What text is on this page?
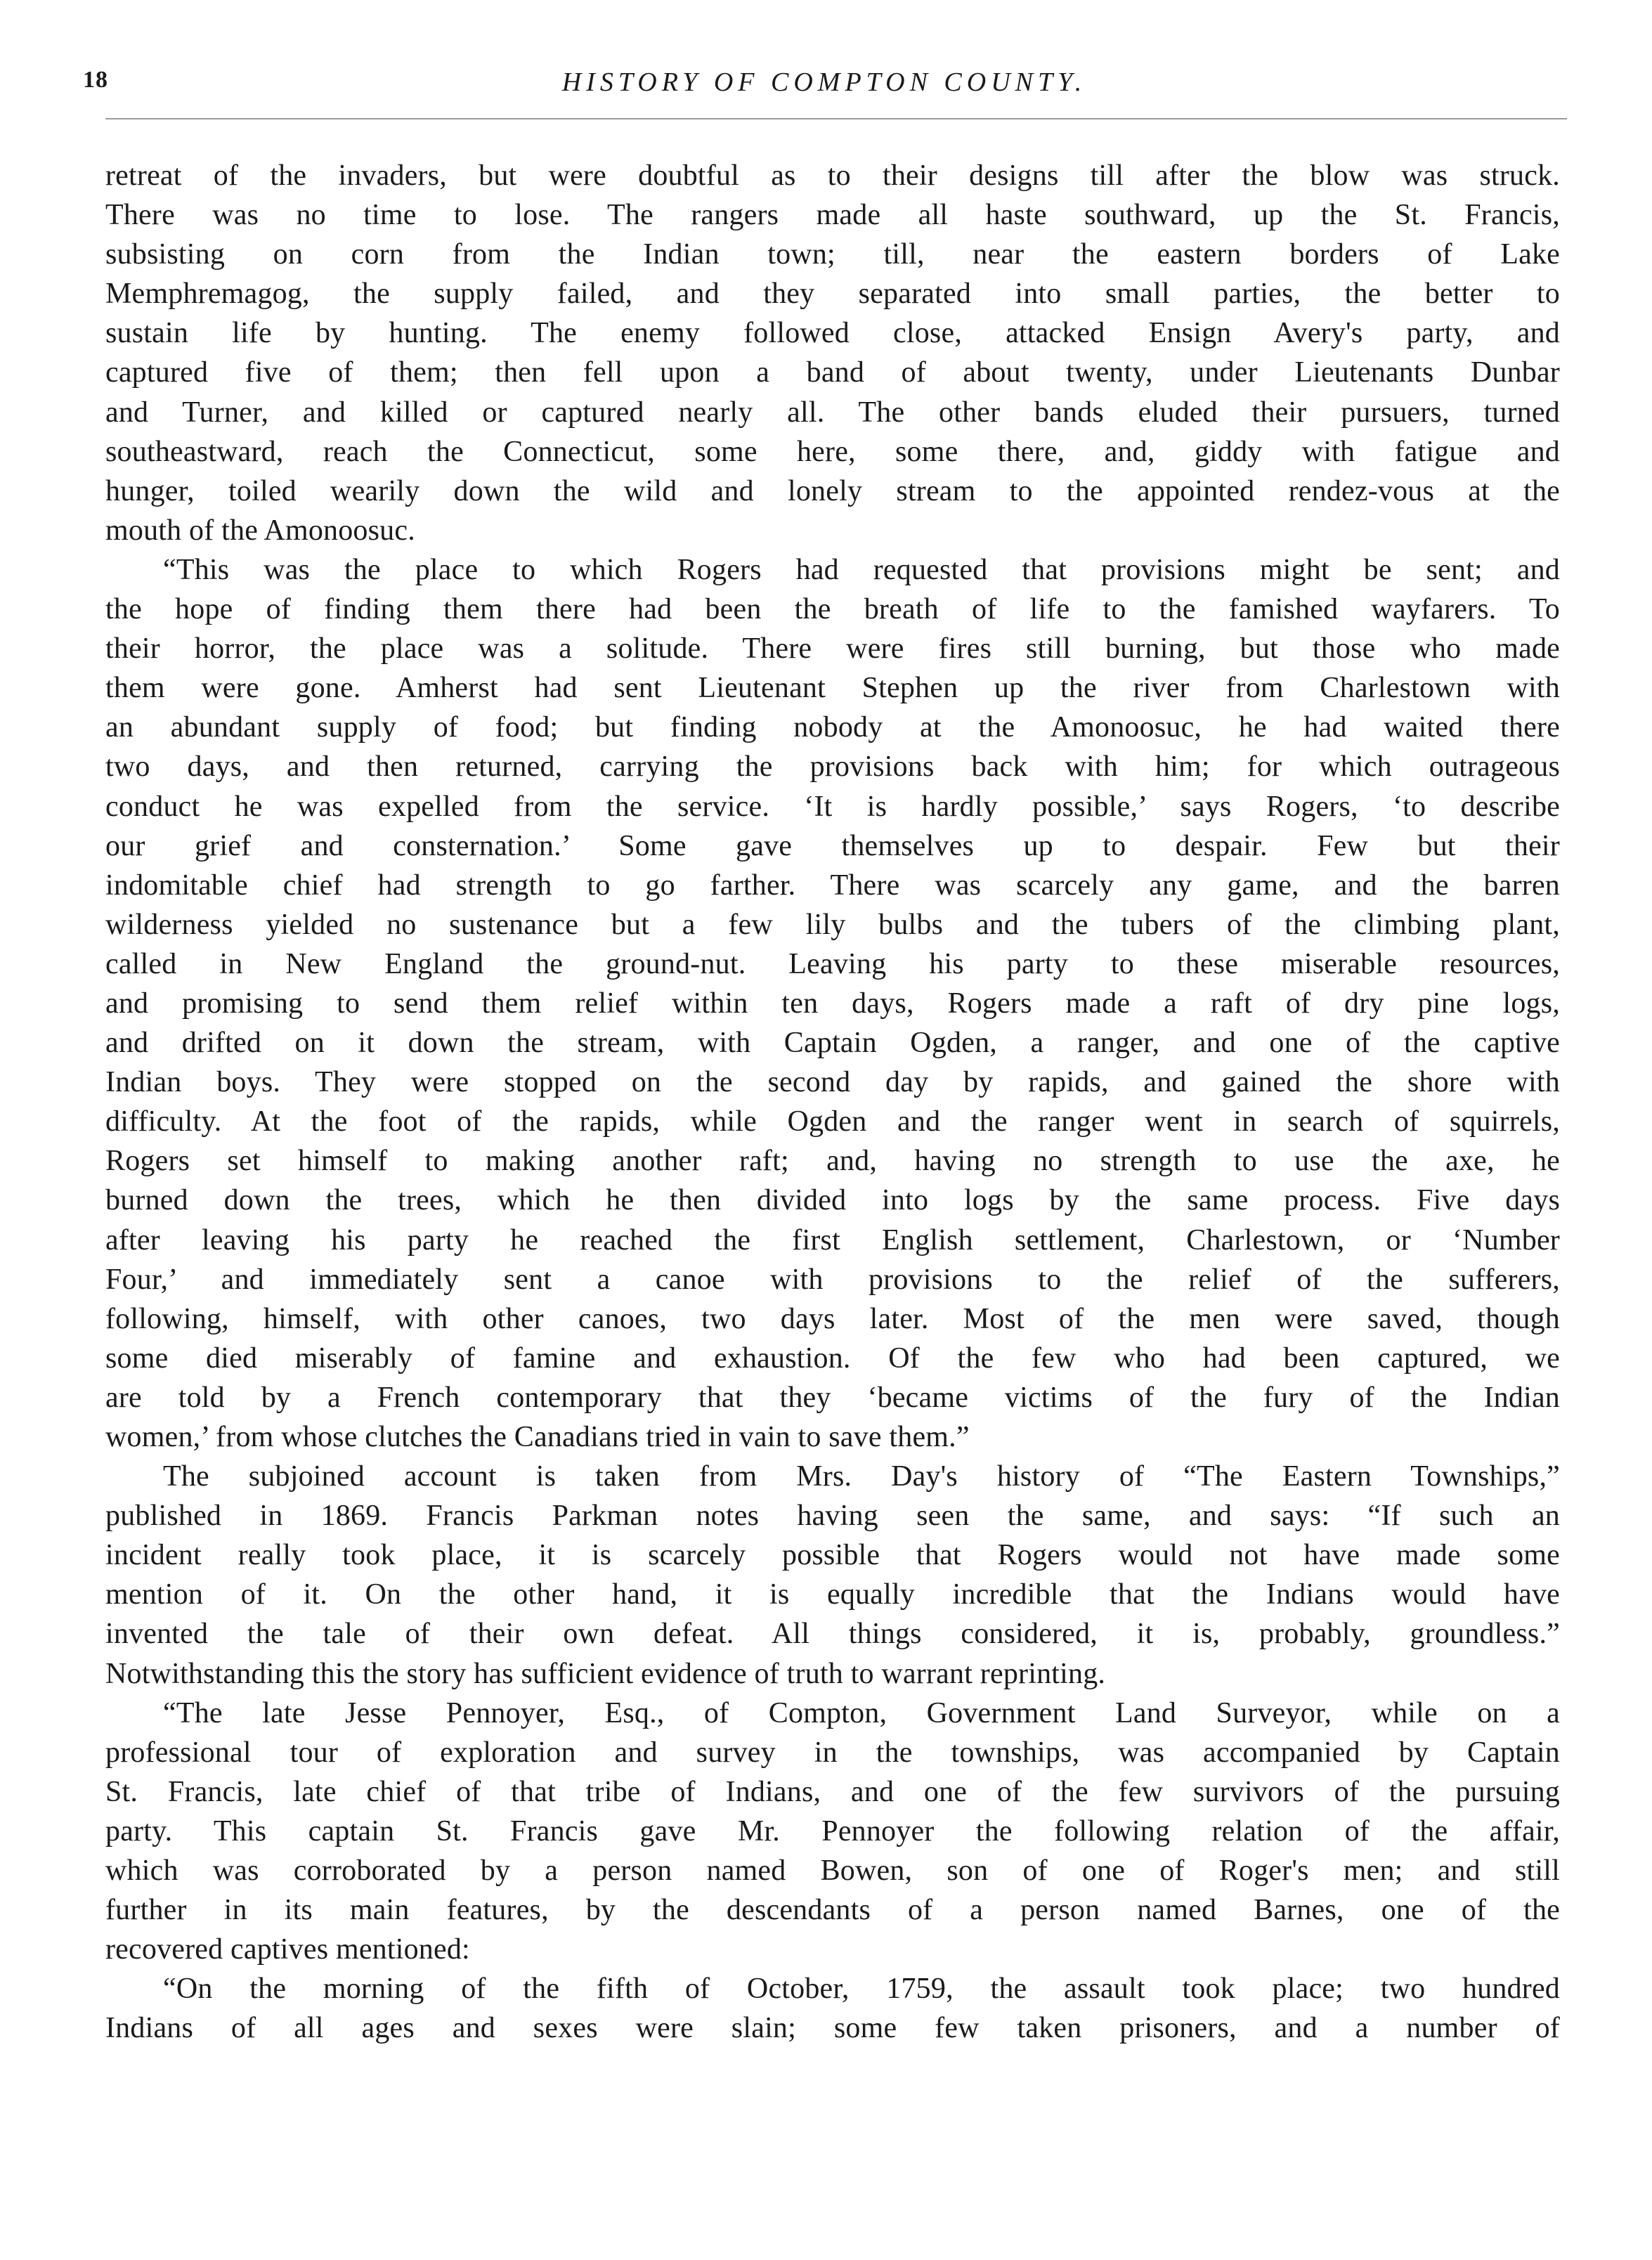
18	HISTORY OF COMPTON COUNTY.
retreat of the invaders, but were doubtful as to their designs till after the blow was struck.
There was no time to lose. The rangers made all haste southward, up the St. Francis,
subsisting on corn from the Indian town; till, near the eastern borders of Lake
Memphremagog, the supply failed, and they separated into small parties, the better to
sustain life by hunting. The enemy followed close, attacked Ensign Avery's party, and
captured five of them; then fell upon a band of about twenty, under Lieutenants Dunbar
and Turner, and killed or captured nearly all. The other bands eluded their pursuers, turned
southeastward, reach the Connecticut, some here, some there, and, giddy with fatigue and
hunger, toiled wearily down the wild and lonely stream to the appointed rendez-vous at the
mouth of the Amonoosuc.
“This was the place to which Rogers had requested that provisions might be sent; and
the hope of finding them there had been the breath of life to the famished wayfarers. To
their horror, the place was a solitude. There were fires still burning, but those who made
them were gone. Amherst had sent Lieutenant Stephen up the river from Charlestown with
an abundant supply of food; but finding nobody at the Amonoosuc, he had waited there
two days, and then returned, carrying the provisions back with him; for which outrageous
conduct he was expelled from the service. ‘It is hardly possible,’ says Rogers, ‘to describe
our grief and consternation.’ Some gave themselves up to despair. Few but their
indomitable chief had strength to go farther. There was scarcely any game, and the barren
wilderness yielded no sustenance but a few lily bulbs and the tubers of the climbing plant,
called in New England the ground-nut. Leaving his party to these miserable resources,
and promising to send them relief within ten days, Rogers made a raft of dry pine logs,
and drifted on it down the stream, with Captain Ogden, a ranger, and one of the captive
Indian boys. They were stopped on the second day by rapids, and gained the shore with
difficulty. At the foot of the rapids, while Ogden and the ranger went in search of squirrels,
Rogers set himself to making another raft; and, having no strength to use the axe, he
burned down the trees, which he then divided into logs by the same process. Five days
after leaving his party he reached the first English settlement, Charlestown, or ‘Number
Four,’ and immediately sent a canoe with provisions to the relief of the sufferers,
following, himself, with other canoes, two days later. Most of the men were saved, though
some died miserably of famine and exhaustion. Of the few who had been captured, we
are told by a French contemporary that they ‘became victims of the fury of the Indian
women,’ from whose clutches the Canadians tried in vain to save them.”
The subjoined account is taken from Mrs. Day's history of “The Eastern Townships,”
published in 1869. Francis Parkman notes having seen the same, and says: “If such an
incident really took place, it is scarcely possible that Rogers would not have made some
mention of it. On the other hand, it is equally incredible that the Indians would have
invented the tale of their own defeat. All things considered, it is, probably, groundless.”
Notwithstanding this the story has sufficient evidence of truth to warrant reprinting.
“The late Jesse Pennoyer, Esq., of Compton, Government Land Surveyor, while on a
professional tour of exploration and survey in the townships, was accompanied by Captain
St. Francis, late chief of that tribe of Indians, and one of the few survivors of the pursuing
party. This captain St. Francis gave Mr. Pennoyer the following relation of the affair,
which was corroborated by a person named Bowen, son of one of Roger's men; and still
further in its main features, by the descendants of a person named Barnes, one of the
recovered captives mentioned:
“On the morning of the fifth of October, 1759, the assault took place; two hundred
Indians of all ages and sexes were slain; some few taken prisoners, and a number of
